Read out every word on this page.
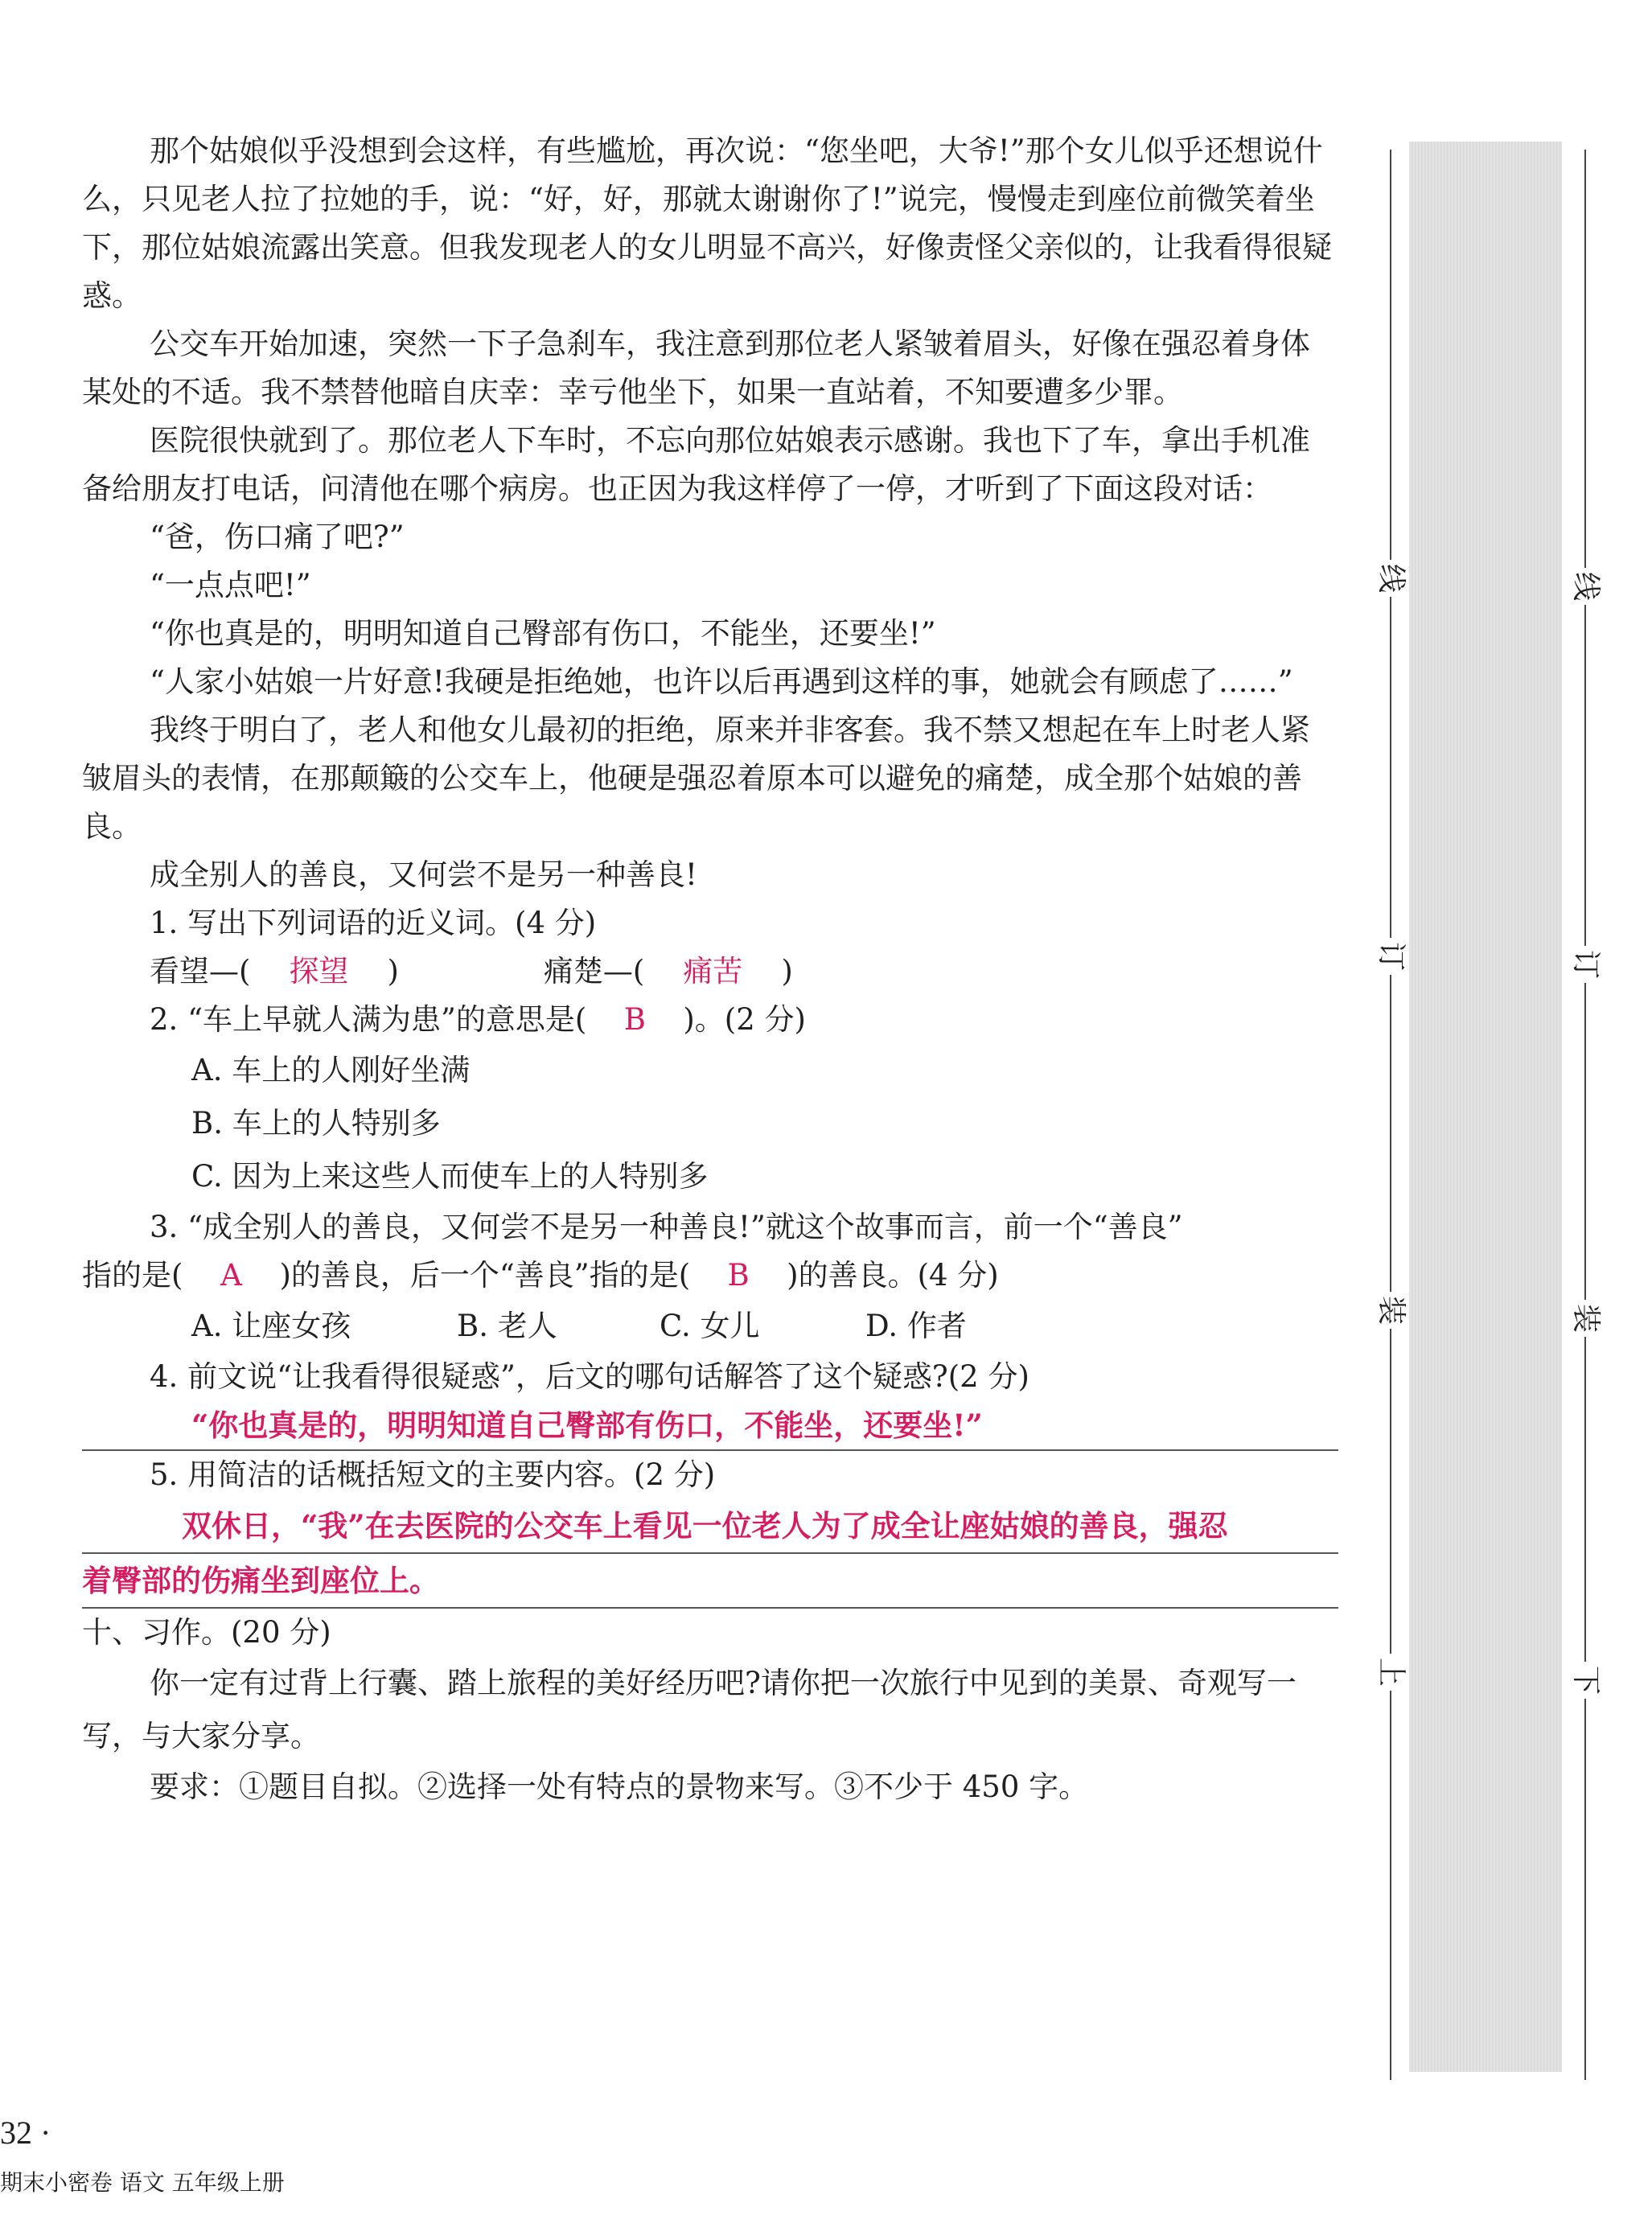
那个姑娘似乎没想到会这样，有些尴尬，再次说：“您坐吧，大爷!”那个女儿似乎还想说什么，只见老人拉了拉她的手，说：“好，好，那就太谢谢你了!”说完，慢慢走到座位前微笑着坐下，那位姑娘流露出笑意。但我发现老人的女儿明显不高兴，好像责怪父亲似的，让我看得很疑惑。

公交车开始加速，突然一下子急刹车，我注意到那位老人紧皱着眉头，好像在强忍着身体某处的不适。我不禁替他暗自庆幸：幸亏他坐下，如果一直站着，不知要遭多少罪。

医院很快就到了。那位老人下车时，不忘向那位姑娘表示感谢。我也下了车，拿出手机准备给朋友打电话，问清他在哪个病房。也正因为我这样停了一停，才听到了下面这段对话：

“爸，伤口痛了吧?”

“一点点吧!”

“你也真是的，明明知道自己臀部有伤口，不能坐，还要坐!”

“人家小姑娘一片好意!我硬是拒绝她，也许以后再遇到这样的事，她就会有顾虑了……”

我终于明白了，老人和他女儿最初的拒绝，原来并非客套。我不禁又想起在车上时老人紧皱眉头的表情，在那颠簸的公交车上，他硬是强忍着原本可以避免的痛楚，成全那个姑娘的善良。

成全别人的善良，又何尝不是另一种善良!

1. 写出下列词语的近义词。(4 分)

看望—( 探望 )	痛楚—( 痛苦 )

2. “车上早就人满为患”的意思是( B )。(2 分)

A. 车上的人刚好坐满

B. 车上的人特别多

C. 因为上来这些人而使车上的人特别多

3. “成全别人的善良，又何尝不是另一种善良!”就这个故事而言，前一个“善良”

指的是( A )的善良，后一个“善良”指的是( B )的善良。(4 分)

A. 让座女孩	B. 老人	C. 女儿	D. 作者

4. 前文说“让我看得很疑惑”，后文的哪句话解答了这个疑惑?(2 分)

“你也真是的，明明知道自己臀部有伤口，不能坐，还要坐!”

5. 用简洁的话概括短文的主要内容。(2 分)

双休日，“我”在去医院的公交车上看见一位老人为了成全让座姑娘的善良，强忍
着臀部的伤痛坐到座位上。

十、习作。(20 分)

你一定有过背上行囊、踏上旅程的美好经历吧?请你把一次旅行中见到的美景、奇观写一写，与大家分享。

要求：①题目自拟。②选择一处有特点的景物来写。③不少于 450 字。

线
订
装
上
线
订
装
下
32 ·
期末小密卷 语文 五年级上册
